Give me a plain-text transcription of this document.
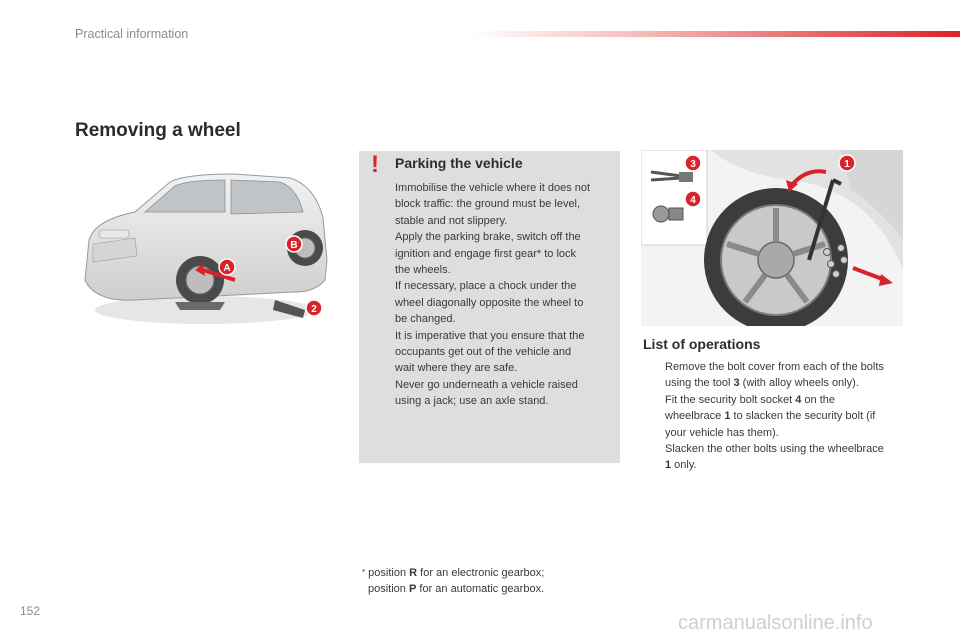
Practical information
Removing a wheel
A
B
2
! Parking the vehicle

Immobilise the vehicle where it does not

block traffic: the ground must be level,

stable and not slippery.

Apply the parking brake, switch off the

ignition and engage first gear* to lock

the wheels.

If necessary, place a chock under the

wheel diagonally opposite the wheel to

be changed.

It is imperative that you ensure that the

occupants get out of the vehicle and

wait where they are safe.

Never go underneath a vehicle raised

using a jack; use an axle stand.

3
4
1
List of operations
Remove the bolt cover from each of the bolts using the tool 3 (with alloy wheels only).
Fit the security bolt socket 4 on the wheelbrace 1 to slacken the security bolt (if your vehicle has them).
Slacken the other bolts using the wheelbrace 1 only.
* position R for an electronic gearbox;
position P for an automatic gearbox.
152
carmanualsonline.info
